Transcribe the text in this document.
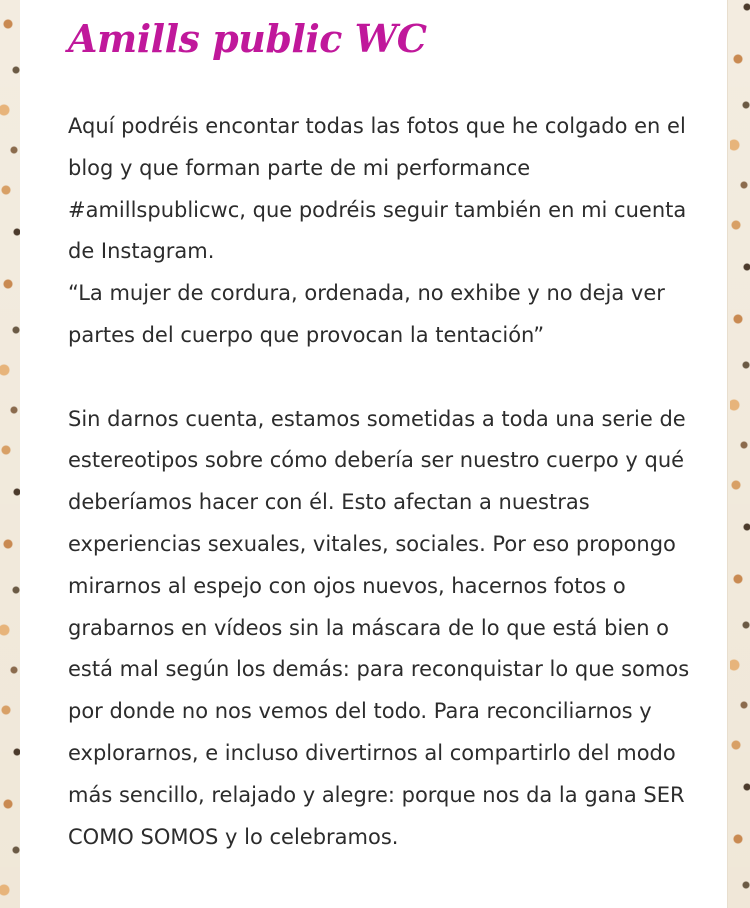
Amills public WC

Aquí podréis encontar todas las fotos que he colgado en el blog y que forman parte de mi performance #amillspublicwc, que podréis seguir también en mi cuenta de Instagram.

“La mujer de cordura, ordenada, no exhibe y no deja ver partes del cuerpo que provocan la tentación”

Sin darnos cuenta, estamos sometidas a toda una serie de estereotipos sobre cómo debería ser nuestro cuerpo y qué deberíamos hacer con él. Esto afectan a nuestras experiencias sexuales, vitales, sociales. Por eso propongo mirarnos al espejo con ojos nuevos, hacernos fotos o grabarnos en vídeos sin la máscara de lo que está bien o está mal según los demás: para reconquistar lo que somos por donde no nos vemos del todo. Para reconciliarnos y explorarnos, e incluso divertirnos al compartirlo del modo más sencillo, relajado y alegre: porque nos da la gana SER COMO SOMOS y lo celebramos.
